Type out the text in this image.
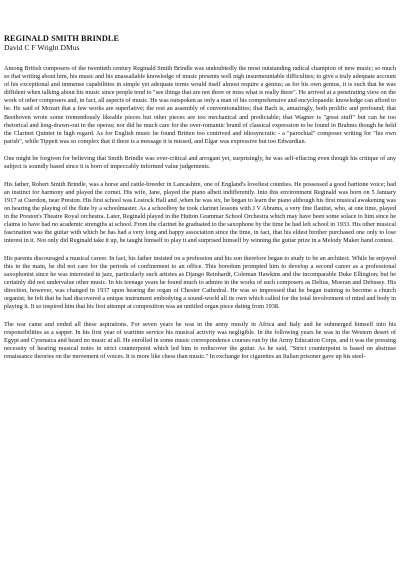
REGINALD SMITH BRINDLE
David C F Wright DMus

Among British composers of the twentieth century Reginald Smith Brindle was undoubtedly the most outstanding radical champion of new music; so much so that writing about him, his music and his unassailable knowledge of music presents well nigh insurmountable difficulties; to give a truly adequate account of his exceptional and immense capabilities in simple yet adequate terms would itself almost require a genius; as for his own genius, it is such that he was diffident when talking about his music since people tend to "see things that are not there or miss what is really there". He arrived at a penetrating view on the work of other composers and, in fact, all aspects of music. He was outspoken as only a man of his comprehensive and encyclopaedic knowledge can afford to be. He said of Mozart that a few works are superlative; the rest an assembly of conventionalities; that Bach is, amazingly, both prolific and profound; that Beethoven wrote some tremendously likeable pieces but other pieces are too mechanical and predictable; that Wagner is "great stuff" but can be too rhetorical and long-drawn-out in the operas; nor did he much care for the over-romantic brand of classical expression to be found in Brahms though he held the Clarinet Quintet in high regard. As for English music he found Britten too contrived and idiosyncratic - a "parochial" composer writing for "his own parish", while Tippett was so complex that if there is a message it is missed, and Elgar was expressive but too Edwardian.

One might be forgiven for believing that Smith Brindle was over-critical and arrogant yet, surprisingly, he was self-effacing even though his critique of any subject is soundly based since it is born of impeccably informed value judgements.

His father, Robert Smith Brindle, was a horse and cattle-breeder in Lancashire, one of England's loveliest counties. He possessed a good baritone voice; had an instinct for harmony and played the cornet. His wife, Jane, played the piano albeit indifferently. Into this environment Reginald was born on 5 January 1917 at Cuerdon, near Preston. His first school was Lostock Hall and ,when he was six, he began to learn the piano although his first musical awakening was on hearing the playing of the flute by a schoolmaster. As a schoolboy he took clarinet lessons with J V Abrams, a very fine flautist, who, at one time, played in the Preston's Theatre Royal orchestra. Later, Reginald played in the Hutton Grammar School Orchestra which may have been some solace to him since he claims to have had no academic strengths at school. From the clarinet he graduated to the saxophone by the time he had left school in 1933. His other musical fascination was the guitar with which he has had a very long and happy association since the time, in fact, that his eldest brother purchased one only to lose interest in it. Not only did Reginald take it up, he taught himself to play it and surprised himself by winning the guitar prize in a Melody Maker band contest.

His parents discouraged a musical career. In fact, his father insisted on a profession and his son therefore began to study to be an architect. While he enjoyed this in the main, he did not care for the periods of confinement to an office. This boredom prompted him to develop a second career as a professional saxophonist since he was interested in jazz, particularly such artistes as Django Reinhardt, Coleman Hawkins and the incomparable Duke Ellington; but he certainly did not undervalue other music. In his teenage years he found much to admire in the works of such composers as Delius, Moeran and Debussy. His direction, however, was changed in 1937 upon hearing the organ of Chester Cathedral. He was so impressed that he began training to become a church organist; he felt that he had discovered a unique instrument embodying a sound-world all its own which called for the total involvement of mind and body in playing it. It so inspired him that his first attempt at composition was an untitled organ piece dating from 1938.

The war came and ended all these aspirations. For seven years he was in the army mostly in Africa and Italy and he submerged himself into his responsibilities as a sapper. In his first year of wartime service his musical activity was negligible. In the following years he was in the Western desert of Egypt and Cyrenaica and heard no music at all. He enrolled in some music correspondence courses run by the Army Education Corps, and it was the pressing necessity of hearing musical notes in strict counterpoint which led him to rediscover the guitar. As he said, "Strict counterpoint is based on abstruse renaissance theories on the movement of voices. It is more like chess than music." In exchange for cigarettes an Italian prisoner gave up his steel-
